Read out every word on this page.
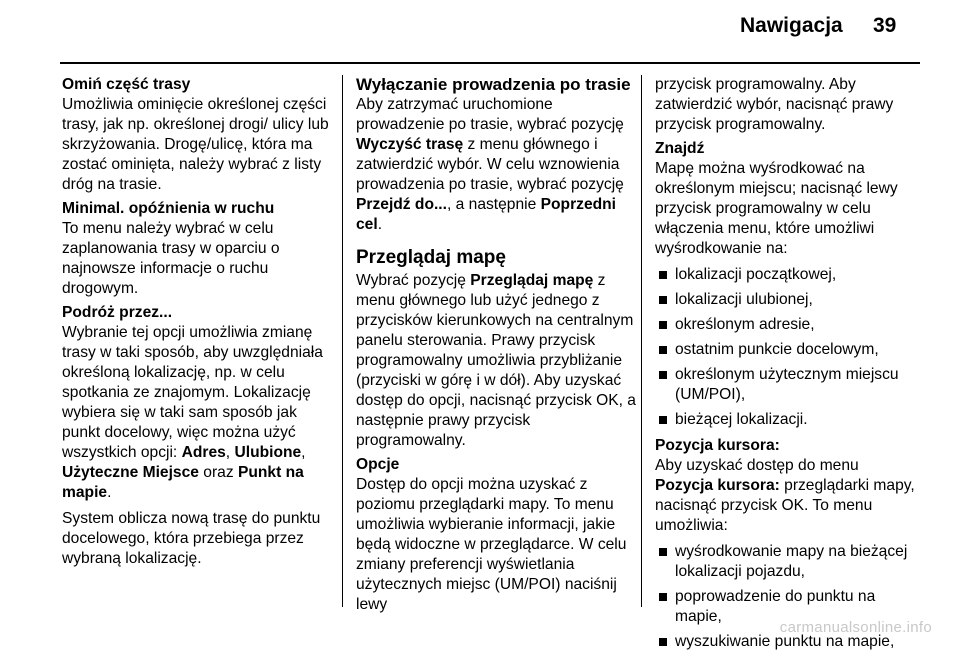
Nawigacja 39
Omiń część trasy
Umożliwia ominięcie określonej części trasy, jak np. określonej drogi/ ulicy lub skrzyżowania. Drogę/ulicę, która ma zostać ominięta, należy wybrać z listy dróg na trasie.
Minimal. opóźnienia w ruchu
To menu należy wybrać w celu zaplanowania trasy w oparciu o najnowsze informacje o ruchu drogowym.
Podróż przez...

Wybranie tej opcji umożliwia zmianę trasy w taki sposób, aby uwzględniała określoną lokalizację, np. w celu spotkania ze znajomym. Lokalizację wybiera się w taki sam sposób jak punkt docelowy, więc można użyć wszystkich opcji: Adres, Ulubione, Użyteczne Miejsce oraz Punkt na mapie.

System oblicza nową trasę do punktu docelowego, która przebiega przez wybraną lokalizację.

Wyłączanie prowadzenia po trasie
Aby zatrzymać uruchomione prowadzenie po trasie, wybrać pozycję Wyczyść trasę z menu głównego i zatwierdzić wybór. W celu wznowienia prowadzenia po trasie, wybrać pozycję Przejdź do..., a następnie Poprzedni cel.
Przeglądaj mapę
Wybrać pozycję Przeglądaj mapę z menu głównego lub użyć jednego z przycisków kierunkowych na centralnym panelu sterowania. Prawy przycisk programowalny umożliwia przybliżanie (przyciski w górę i w dół). Aby uzyskać dostęp do opcji, nacisnąć przycisk OK, a następnie prawy przycisk programowalny.
Opcje
Dostęp do opcji można uzyskać z poziomu przeglądarki mapy. To menu umożliwia wybieranie informacji, jakie będą widoczne w przeglądarce. W celu zmiany preferencji wyświetlania użytecznych miejsc (UM/POI) naciśnij lewy
przycisk programowalny. Aby zatwierdzić wybór, nacisnąć prawy przycisk programowalny.
Znajdź
Mapę można wyśrodkować na określonym miejscu; nacisnąć lewy przycisk programowalny w celu włączenia menu, które umożliwi wyśrodkowanie na:
lokalizacji początkowej,
lokalizacji ulubionej,
określonym adresie,
ostatnim punkcie docelowym,
określonym użytecznym miejscu (UM/POI),
bieżącej lokalizacji.
Pozycja kursora:
Aby uzyskać dostęp do menu
Pozycja kursora: przeglądarki mapy, nacisnąć przycisk OK. To menu umożliwia:
wyśrodkowanie mapy na bieżącej lokalizacji pojazdu,
poprowadzenie do punktu na mapie,
wyszukiwanie punktu na mapie,
carmanualsonline.info
